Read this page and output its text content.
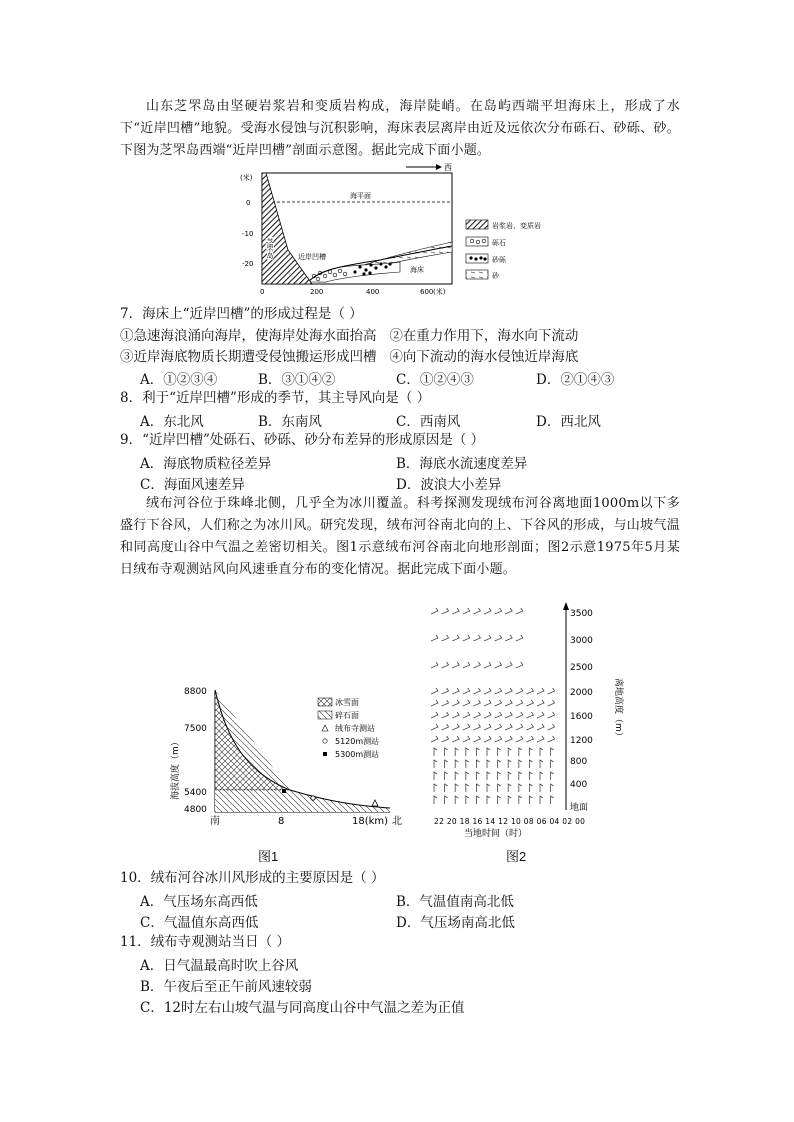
山东芝罘岛由坚硬岩浆岩和变质岩构成，海岸陡峭。在岛屿西端平坦海床上，形成了水下“近岸凹槽”地貌。受海水侵蚀与沉积影响，海床表层离岸由近及远依次分布砾石、砂砾、砂。下图为芝罘岛西端“近岸凹槽”剖面示意图。据此完成下面小题。
西
(米)
海平面
芝罘岛	近岸凹槽
海床
0
-10
-20
0	200	400	600 (米)
岩浆岩、变质岩
砾石
砂砾
砂
7．海床上“近岸凹槽”的形成过程是（ ）
①急速海浪涌向海岸，使海岸处海水面抬高 ②在重力作用下，海水向下流动
③近岸海底物质长期遭受侵蚀搬运形成凹槽 ④向下流动的海水侵蚀近岸海底
A．①②③④	B．③①④②	C．①②④③	D．②①④③
8．利于“近岸凹槽”形成的季节，其主导风向是（ ）
A．东北风	B．东南风	C．西南风	D．西北风
9．“近岸凹槽”处砾石、砂砾、砂分布差异的形成原因是（ ）
A．海底物质粒径差异	B．海底水流速度差异
C．海面风速差异	D．波浪大小差异
绒布河谷位于珠峰北侧，几乎全为冰川覆盖。科考探测发现绒布河谷离地面1000m以下多盛行下谷风，人们称之为冰川风。研究发现，绒布河谷南北向的上、下谷风的形成，与山坡气温和同高度山谷中气温之差密切相关。图1示意绒布河谷南北向地形剖面；图2示意1975年5月某日绒布寺观测站风向风速垂直分布的变化情况。据此完成下面小题。
8800
7500
5400
4800
南	8	18(km) 北
海拔高度（m）
冰雪面
碎石面
绒布寺测站
5120m测站
5300m测站
图1
3500
3000
2500
2000
1600
1200
800
400
地面
离地高度（m）
22 20 18 16 14 12 10 08 06 04 02 00
当地时间（时）
图2
10．绒布河谷冰川风形成的主要原因是（ ）
A．气压场东高西低	B．气温值南高北低
C．气温值东高西低	D．气压场南高北低
11．绒布寺观测站当日（ ）
A．日气温最高时吹上谷风
B．午夜后至正午前风速较弱
C．12时左右山坡气温与同高度山谷中气温之差为正值
